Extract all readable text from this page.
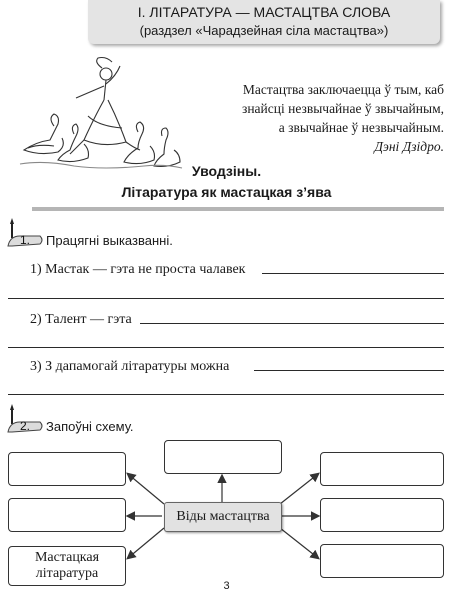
I. ЛІТАРАТУРА — МАСТАЦТВА СЛОВА
(раздзел «Чарадзейная сіла мастацтва»)
Мастацтва заключаецца ў тым, каб
знайсці незвычайнае ў звычайным,
а звычайнае ў незвычайным.
Дэні Дзідро.
Уводзіны.
Літаратура як мастацкая з’ява
1. Працягні выказванні.
1) Мастак — гэта не проста чалавек
2) Талент — гэта
3) З дапамогай літаратуры можна
2. Запоўні схему.
Мастацкая
літаратура
Віды мастацтва
3
